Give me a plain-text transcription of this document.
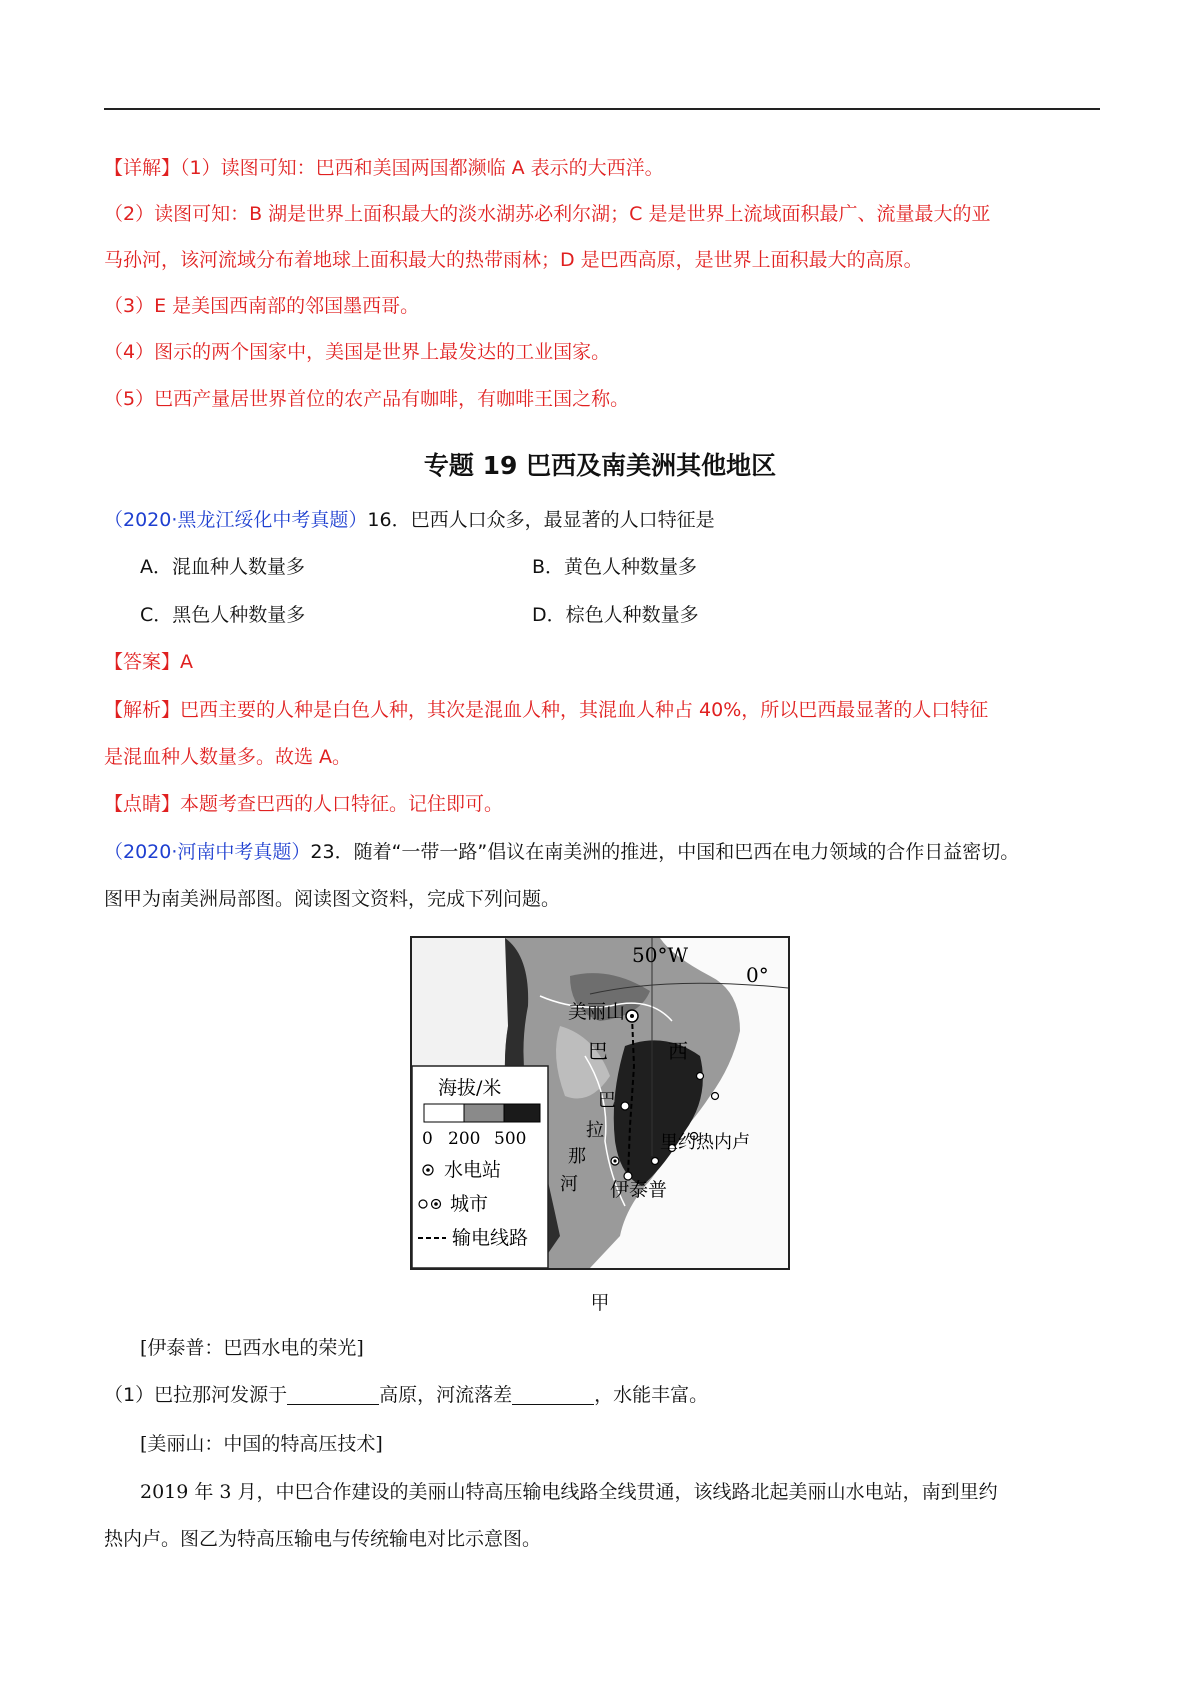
【详解】（1）读图可知：巴西和美国两国都濒临 A 表示的大西洋。
（2）读图可知：B 湖是世界上面积最大的淡水湖苏必利尔湖；C 是是世界上流域面积最广、流量最大的亚
马孙河，该河流域分布着地球上面积最大的热带雨林；D 是巴西高原，是世界上面积最大的高原。
（3）E 是美国西南部的邻国墨西哥。
（4）图示的两个国家中，美国是世界上最发达的工业国家。
（5）巴西产量居世界首位的农产品有咖啡，有咖啡王国之称。
专题 19 巴西及南美洲其他地区
（2020·黑龙江绥化中考真题）16．巴西人口众多，最显著的人口特征是
A．混血种人数量多	B．黄色人种数量多
C．黑色人种数量多	D．棕色人种数量多
【答案】A
【解析】巴西主要的人种是白色人种，其次是混血人种，其混血人种占 40%，所以巴西最显著的人口特征
是混血种人数量多。故选 A。
【点睛】本题考查巴西的人口特征。记住即可。
（2020·河南中考真题）23．随着“一带一路”倡议在南美洲的推进，中国和巴西在电力领域的合作日益密切。
图甲为南美洲局部图。阅读图文资料，完成下列问题。
50°W
0°
美丽山
巴	西
巴
拉
那
河
里约热内卢
伊泰普
海拔/米
0 200 500
水电站
城市
输电线路
甲
[伊泰普：巴西水电的荣光]
（1）巴拉那河发源于	高原，河流落差	，水能丰富。
[美丽山：中国的特高压技术]
2019 年 3 月，中巴合作建设的美丽山特高压输电线路全线贯通，该线路北起美丽山水电站，南到里约
热内卢。图乙为特高压输电与传统输电对比示意图。
